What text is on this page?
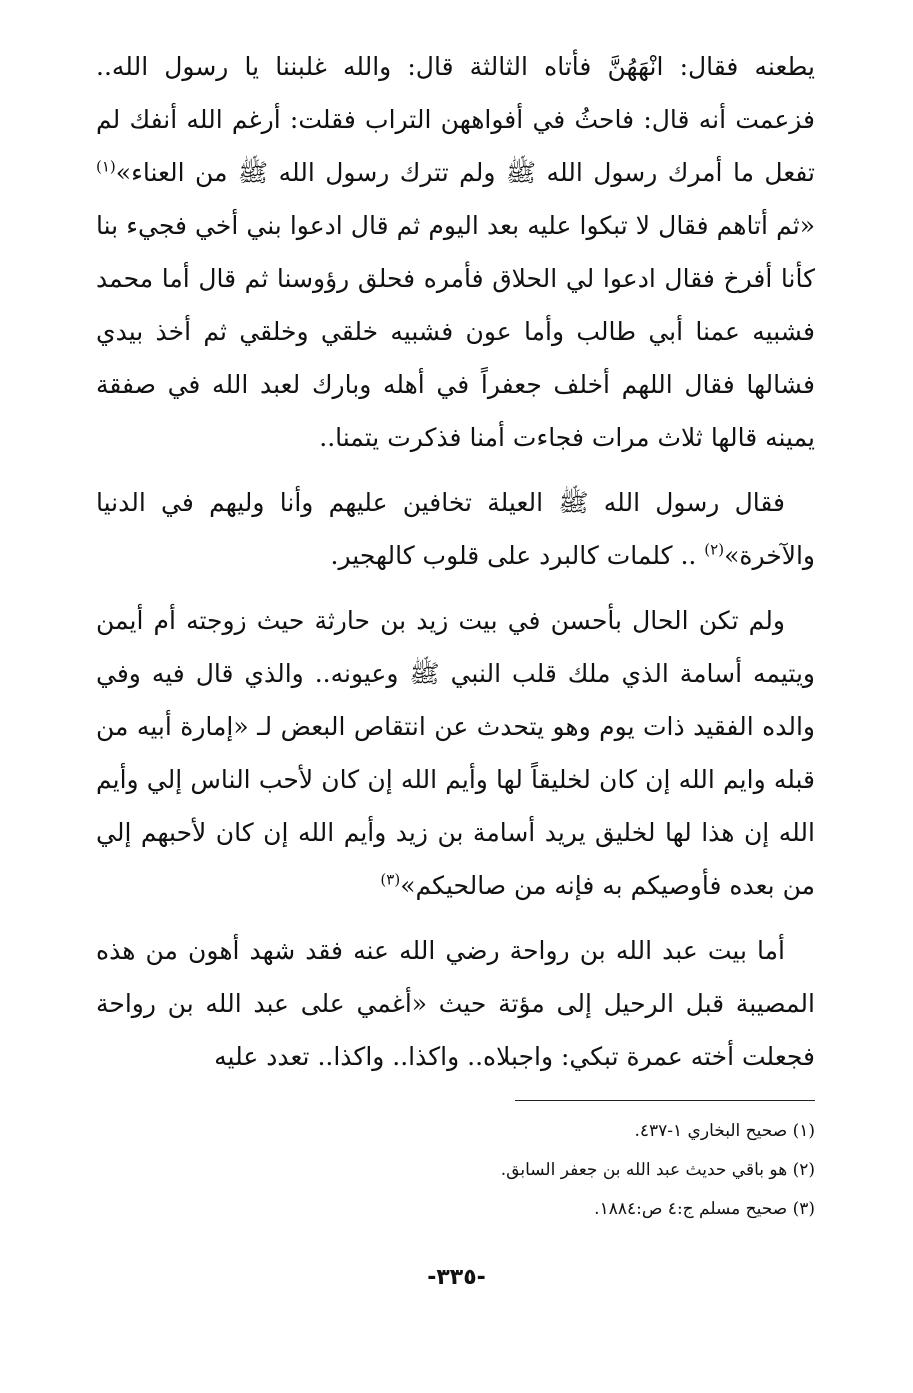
يطعنه فقال: انْهَهُنَّ فأتاه الثالثة قال: والله غلبننا يا رسول الله.. فزعمت أنه قال: فاحثُ في أفواههن التراب فقلت: أرغم الله أنفك لم تفعل ما أمرك رسول الله ﷺ ولم تترك رسول الله ﷺ من العناء»$^{(١)}$ «ثم أتاهم فقال لا تبكوا عليه بعد اليوم ثم قال ادعوا بني أخي فجيء بنا كأنا أفرخ فقال ادعوا لي الحلاق فأمره فحلق رؤوسنا ثم قال أما محمد فشبيه عمنا أبي طالب وأما عون فشبيه خلقي وخلقي ثم أخذ بيدي فشالها فقال اللهم أخلف جعفراً في أهله وبارك لعبد الله في صفقة يمينه قالها ثلاث مرات فجاءت أمنا فذكرت يتمنا..

فقال رسول الله ﷺ العيلة تخافين عليهم وأنا وليهم في الدنيا والآخرة»$^{(٢)}$ .. كلمات كالبرد على قلوب كالهجير.

ولم تكن الحال بأحسن في بيت زيد بن حارثة حيث زوجته أم أيمن ويتيمه أسامة الذي ملك قلب النبي ﷺ وعيونه.. والذي قال فيه وفي والده الفقيد ذات يوم وهو يتحدث عن انتقاص البعض لـ «إمارة أبيه من قبله وايم الله إن كان لخليقاً لها وأيم الله إن كان لأحب الناس إلي وأيم الله إن هذا لها لخليق يريد أسامة بن زيد وأيم الله إن كان لأحبهم إلي من بعده فأوصيكم به فإنه من صالحيكم»$^{(٣)}$

أما بيت عبد الله بن رواحة رضي الله عنه فقد شهد أهون من هذه المصيبة قبل الرحيل إلى مؤتة حيث «أغمي على عبد الله بن رواحة فجعلت أخته عمرة تبكي: واجبلاه.. واكذا.. واكذا.. تعدد عليه

(١) صحيح البخاري ١-٤٣٧.

(٢) هو باقي حديث عبد الله بن جعفر السابق.

(٣) صحيح مسلم ج:٤ ص:١٨٨٤.

-٣٣٥-
